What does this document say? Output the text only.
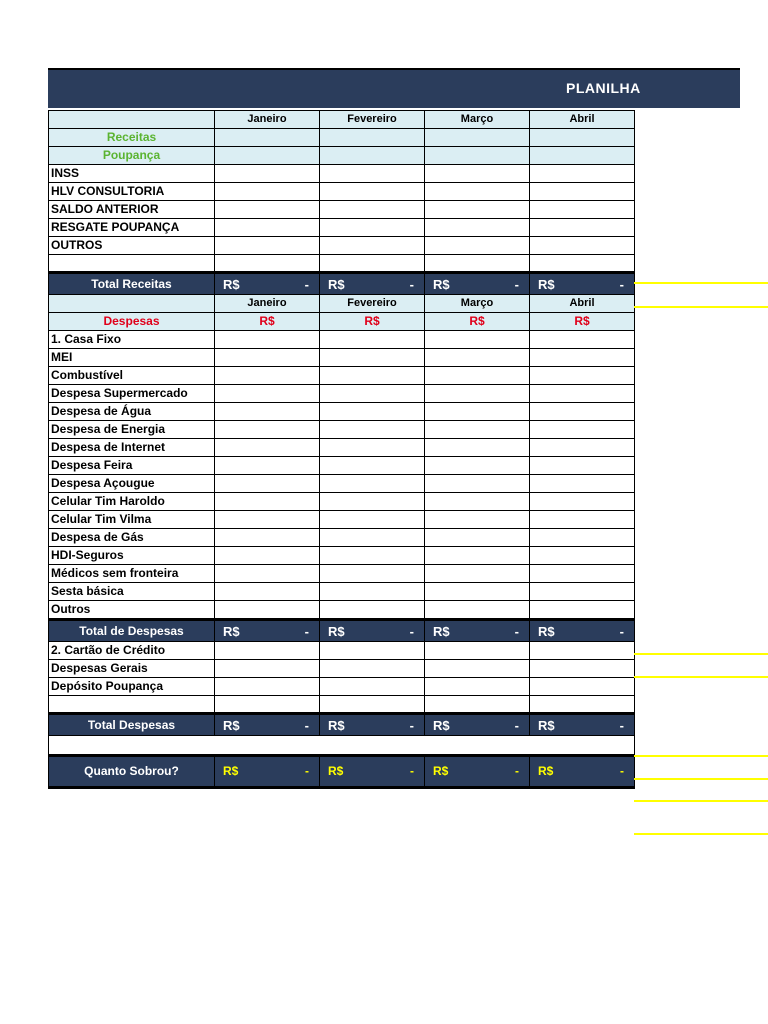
PLANILHA
	Janeiro	Fevereiro	Março	Abril
Receitas				
Poupança				
INSS				
HLV CONSULTORIA				
SALDO ANTERIOR				
RESGATE POUPANÇA				
OUTROS				

Total Receitas	R$ -	R$ -	R$ -	R$ -

	Janeiro	Fevereiro	Março	Abril
Despesas	R$	R$	R$	R$
1. Casa Fixo				
MEI				
Combustível				
Despesa Supermercado				
Despesa de Água				
Despesa de Energia				
Despesa de Internet				
Despesa Feira				
Despesa Açougue				
Celular Tim Haroldo				
Celular Tim Vilma				
Despesa de Gás				
HDI-Seguros				
Médicos sem fronteira				
Sesta básica				
Outros				
Total de Despesas	R$ -	R$ -	R$ -	R$ -

2. Cartão de Crédito				
Despesas Gerais				
Depósito Poupança				

Total Despesas	R$ -	R$ -	R$ -	R$ -

Quanto Sobrou?	R$ -	R$ -	R$ -	R$ -
